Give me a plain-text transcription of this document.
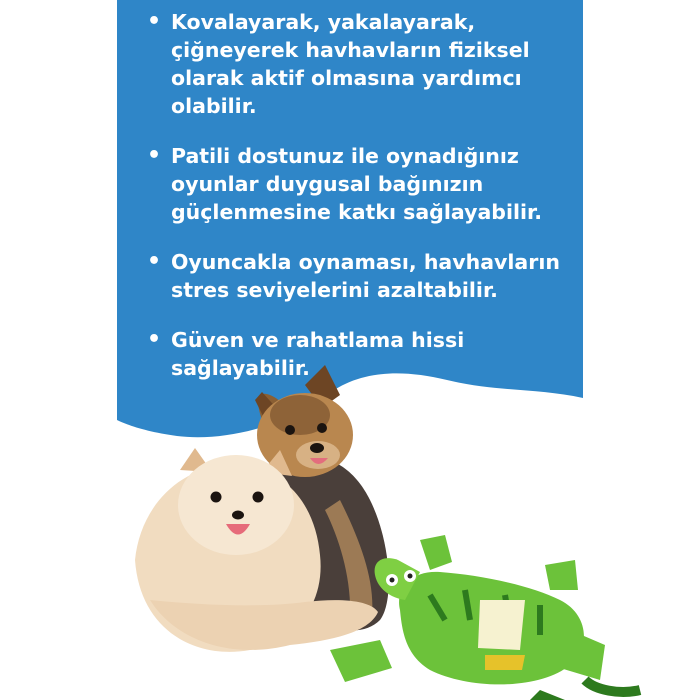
• Kovalayarak, yakalayarak, çiğneyerek havhavların fiziksel olarak aktif olmasına yardımcı olabilir.
• Patili dostunuz ile oynadığınız oyunlar duygusal bağınızın güçlenmesine katkı sağlayabilir.
• Oyuncakla oynaması, havhavların stres seviyelerini azaltabilir.
• Güven ve rahatlama hissi sağlayabilir.
